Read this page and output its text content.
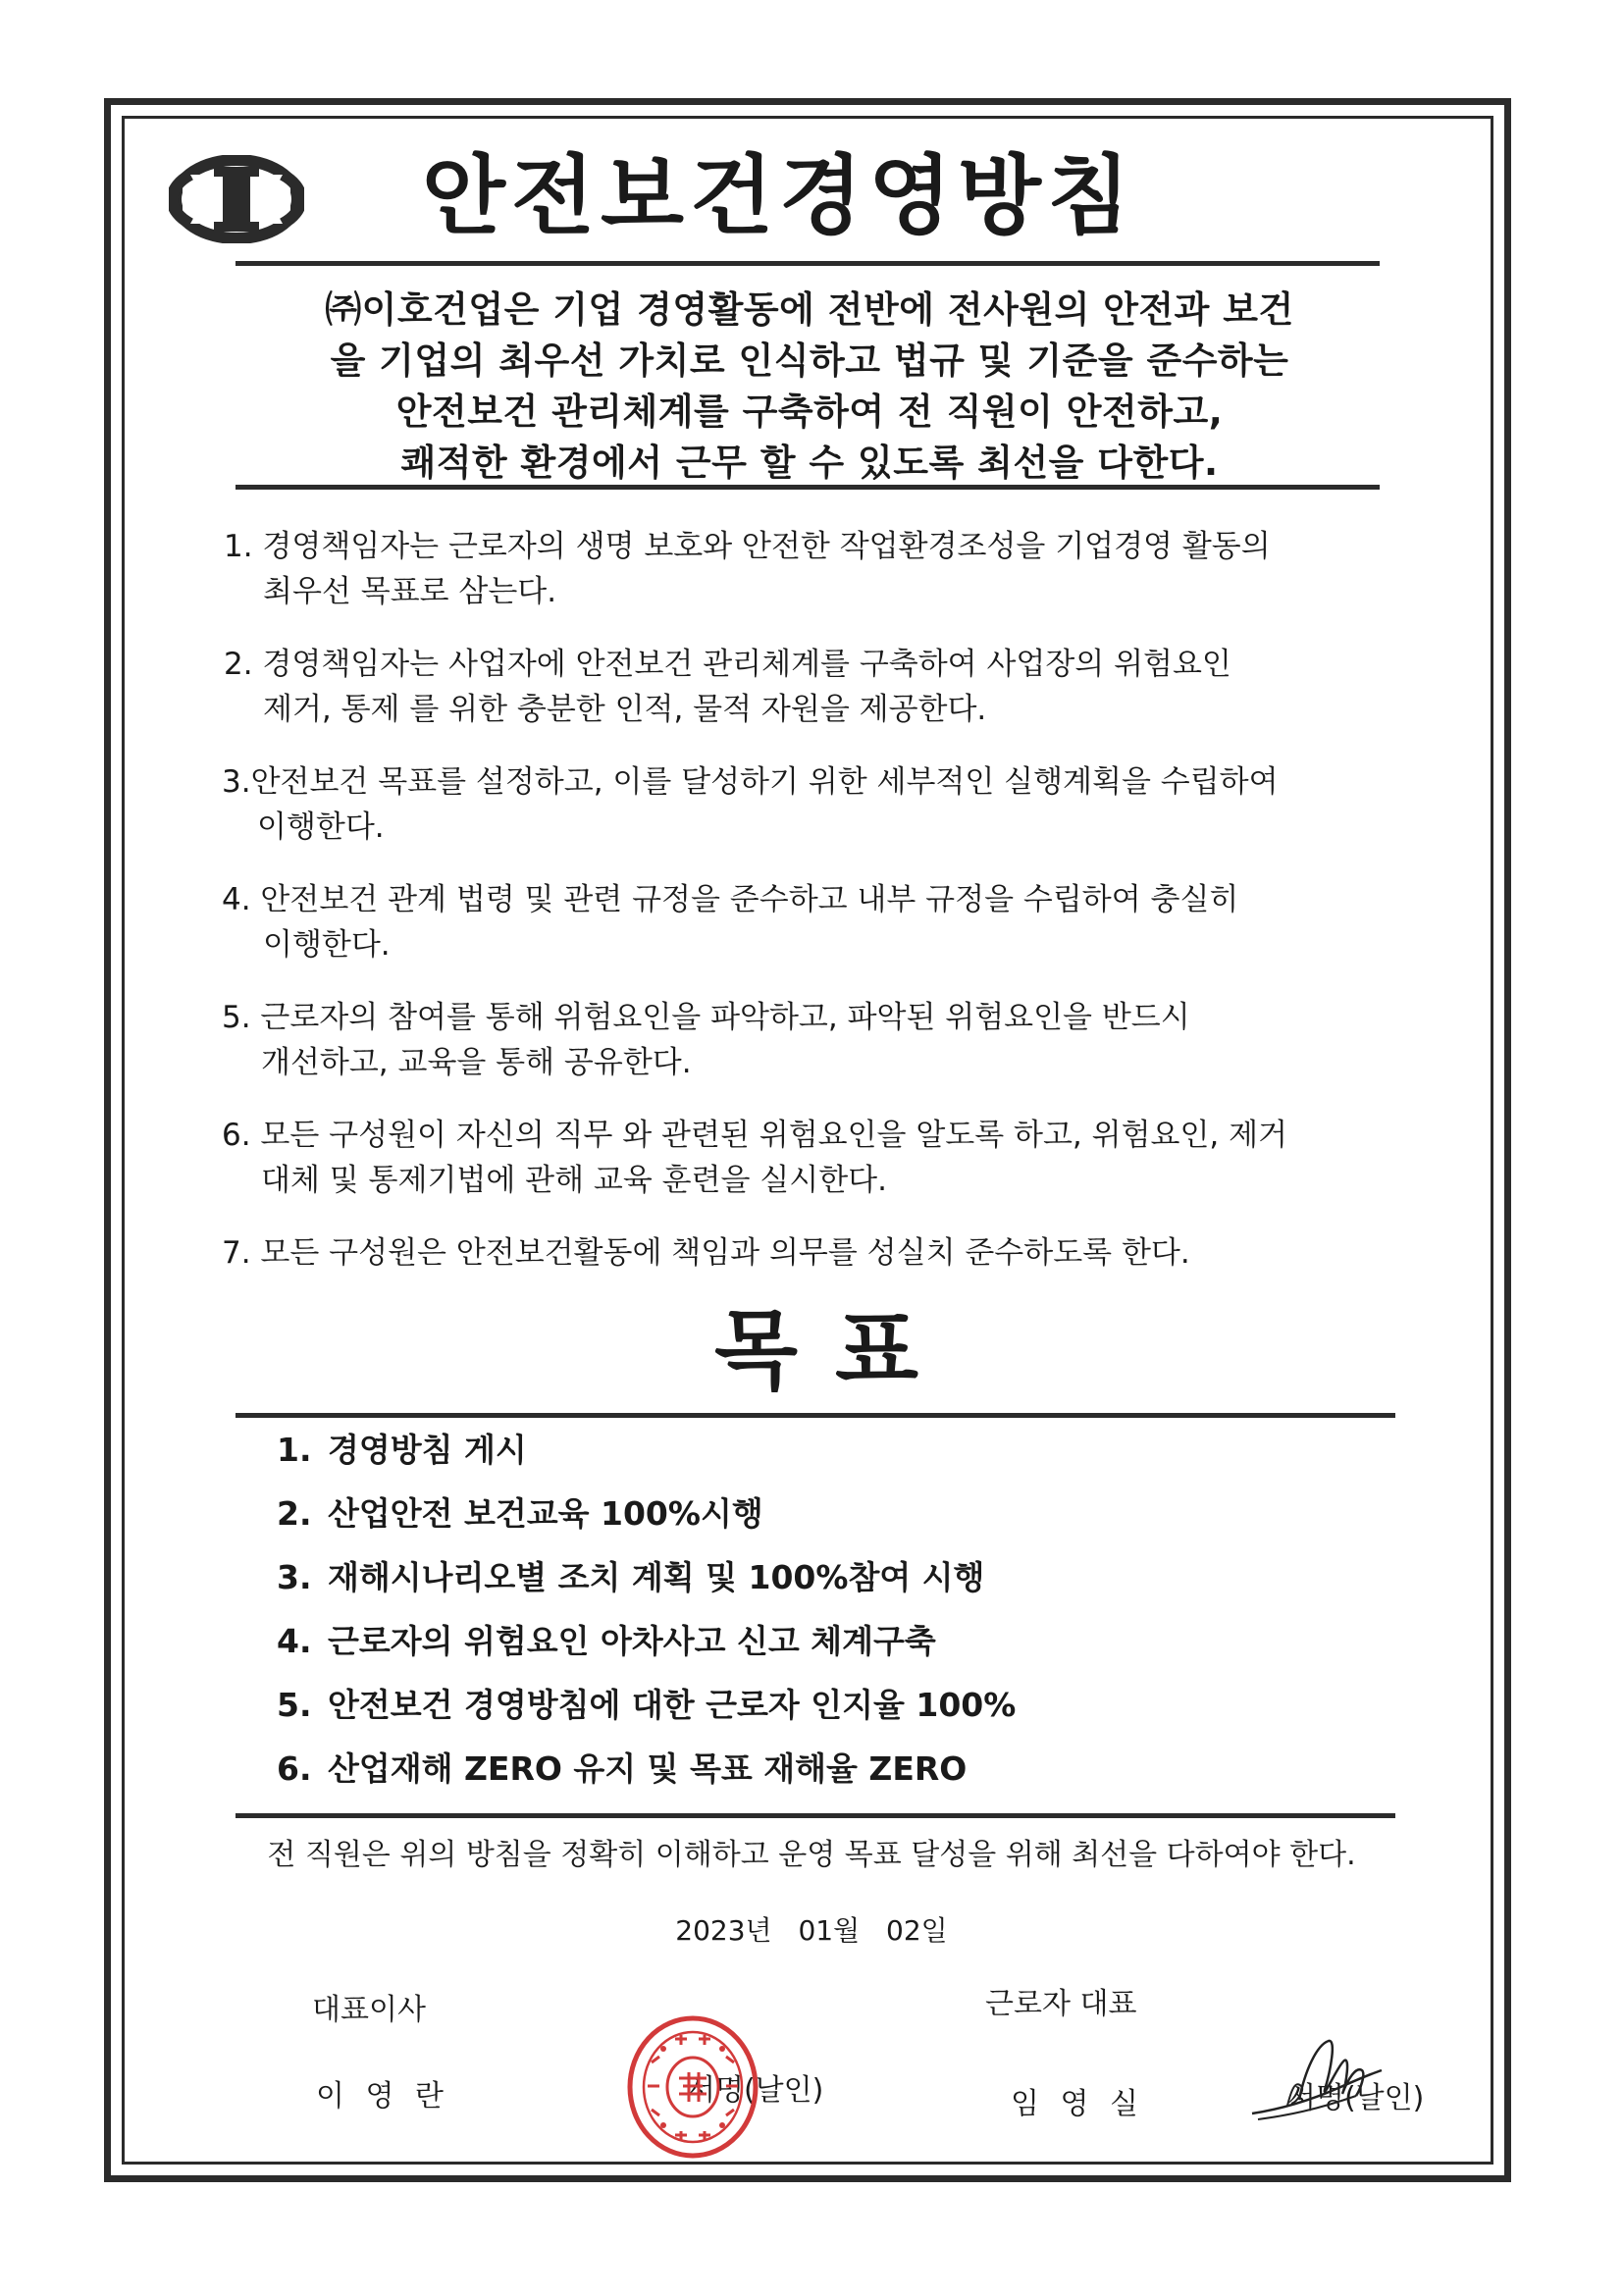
안전보건경영방침
㈜이호건업은 기업 경영활동에 전반에 전사원의 안전과 보건
을 기업의 최우선 가치로 인식하고 법규 및 기준을 준수하는
안전보건 관리체계를 구축하여 전 직원이 안전하고,
쾌적한 환경에서 근무 할 수 있도록 최선을 다한다.
1. 경영책임자는 근로자의 생명 보호와 안전한 작업환경조성을 기업경영 활동의
최우선 목표로 삼는다.
2. 경영책임자는 사업자에 안전보건 관리체계를 구축하여 사업장의 위험요인
제거, 통제 를 위한 충분한 인적, 물적 자원을 제공한다.
3.안전보건 목표를 설정하고, 이를 달성하기 위한 세부적인 실행계획을 수립하여
이행한다.
4. 안전보건 관계 법령 및 관련 규정을 준수하고 내부 규정을 수립하여 충실히
이행한다.
5. 근로자의 참여를 통해 위험요인을 파악하고, 파악된 위험요인을 반드시
개선하고, 교육을 통해 공유한다.
6. 모든 구성원이 자신의 직무 와 관련된 위험요인을 알도록 하고, 위험요인, 제거
대체 및 통제기법에 관해 교육 훈련을 실시한다.
7. 모든 구성원은 안전보건활동에 책임과 의무를 성실치 준수하도록 한다.
목표
1. 경영방침 게시
2. 산업안전 보건교육 100%시행
3. 재해시나리오별 조치 계획 및 100%참여 시행
4. 근로자의 위험요인 아차사고 신고 체계구축
5. 안전보건 경영방침에 대한 근로자 인지율 100%
6. 산업재해 ZERO 유지 및 목표 재해율 ZERO
전 직원은 위의 방침을 정확히 이해하고 운영 목표 달성을 위해 최선을 다하여야 한다.
2023년 01월 02일
대표이사
이 영 란	서명(날인)
근로자 대표
임 영 실	서명(날인)
